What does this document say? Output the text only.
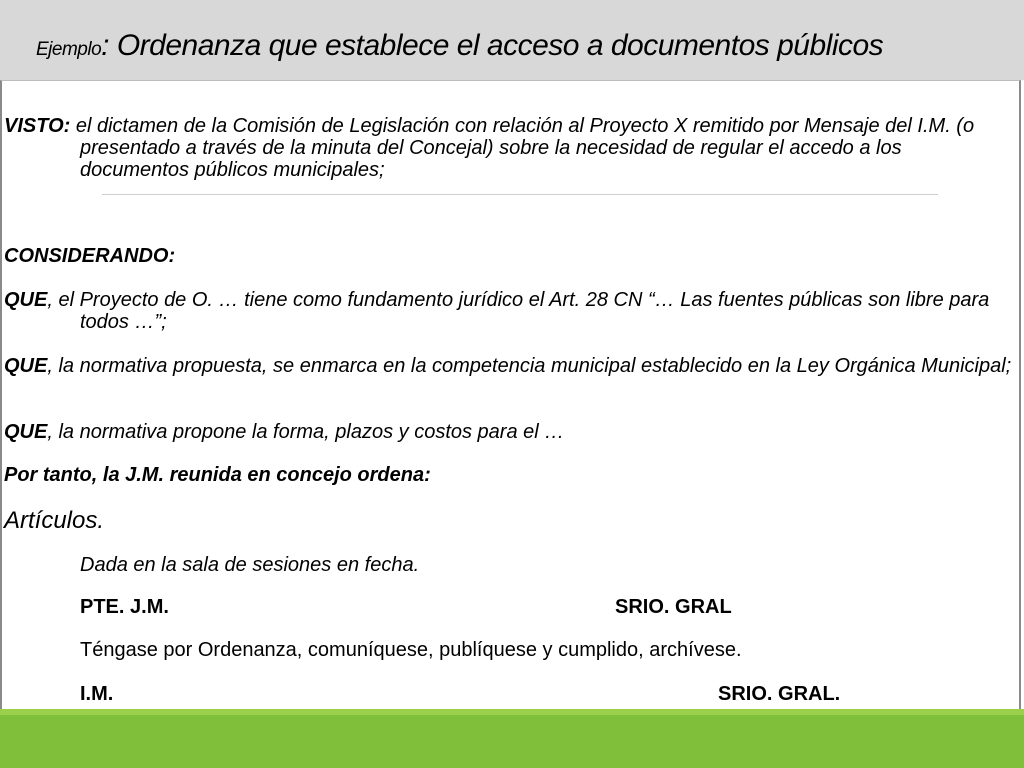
Ejemplo: Ordenanza que establece el acceso a documentos públicos
VISTO: el dictamen de la Comisión de Legislación con relación al Proyecto X remitido por Mensaje del I.M. (o presentado a través de la minuta del Concejal) sobre la necesidad de regular el accedo a los documentos públicos municipales;
CONSIDERANDO:
QUE, el Proyecto de O. … tiene como fundamento jurídico el Art. 28 CN “… Las fuentes públicas son libre para todos …”;
QUE, la normativa propuesta, se enmarca en la competencia municipal establecido en la Ley Orgánica Municipal;
QUE, la normativa propone la forma, plazos y costos para el …
Por tanto, la J.M. reunida en concejo ordena:
Artículos.
Dada en la sala de sesiones en fecha.
PTE. J.M.	SRIO. GRAL
Téngase por Ordenanza, comuníquese, publíquese y cumplido, archívese.
I.M.	SRIO. GRAL.
